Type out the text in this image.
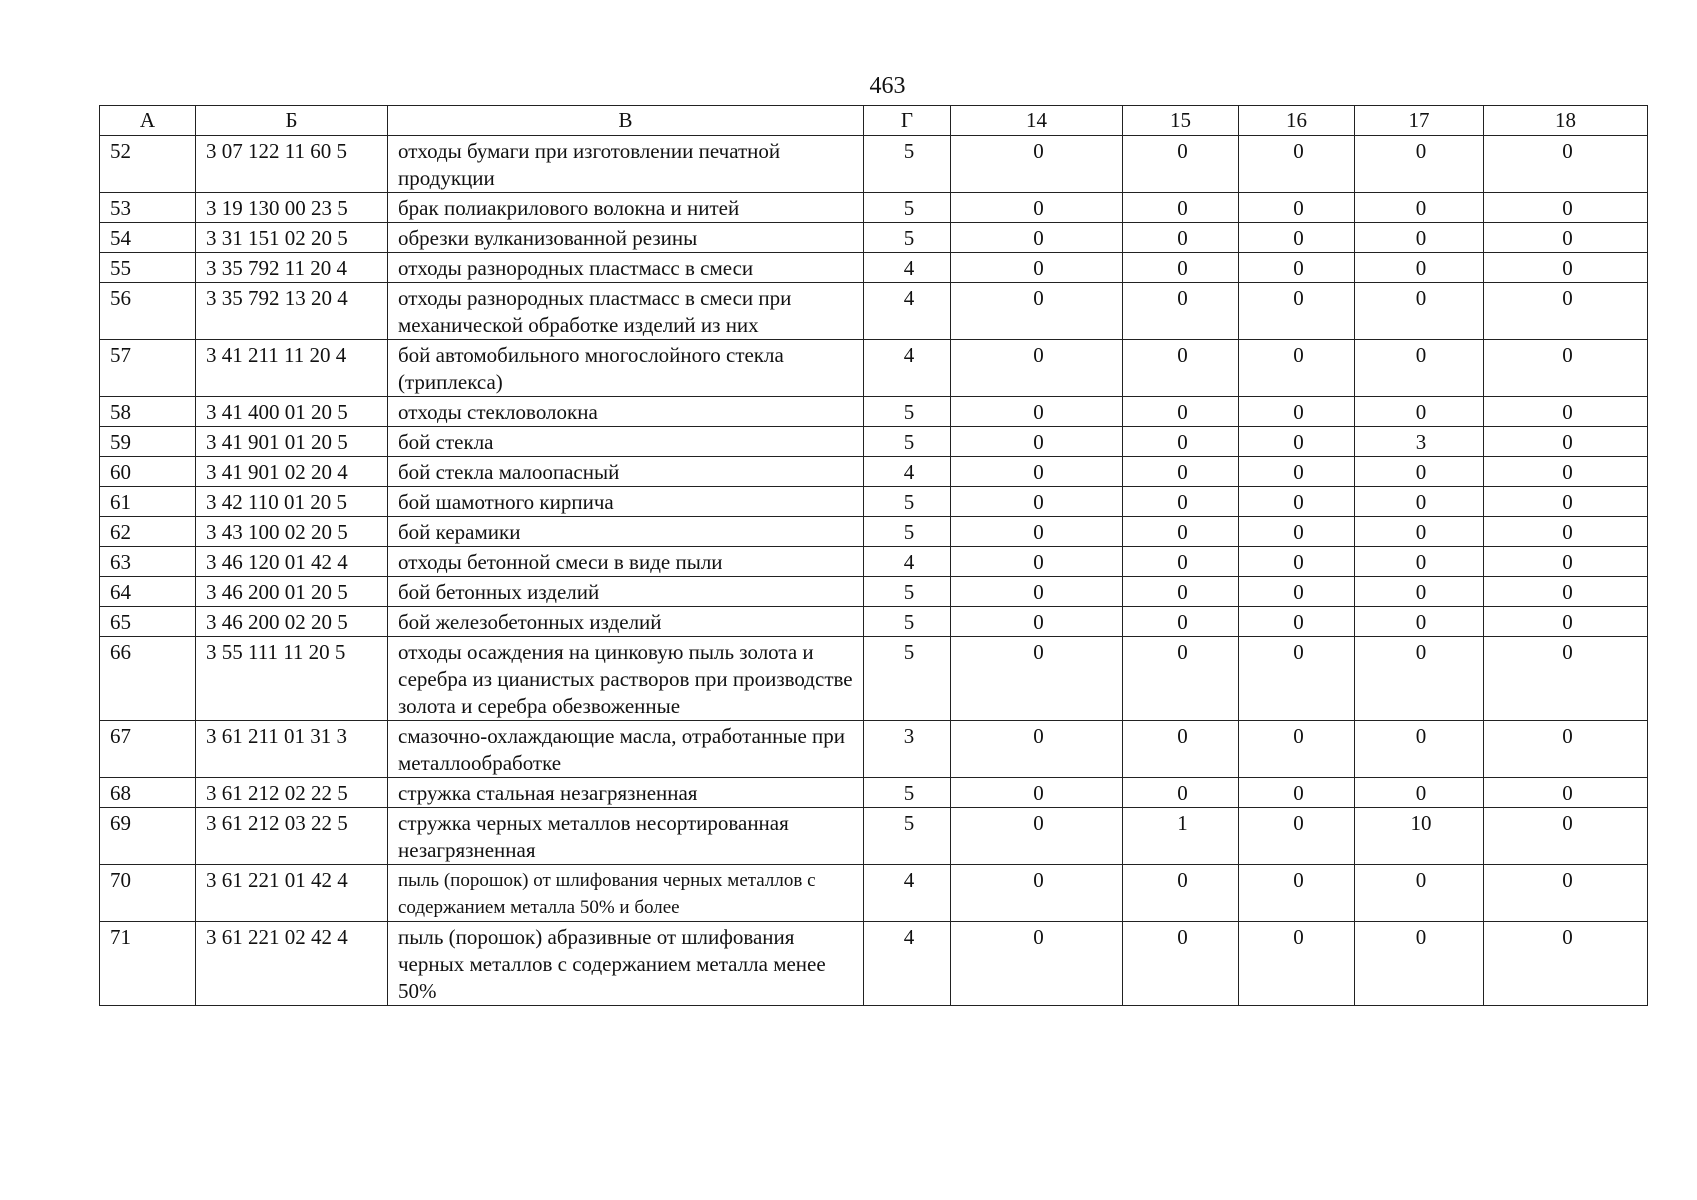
463
А	Б	В	Г	14	15	16	17	18
52	3 07 122 11 60 5	отходы бумаги при изготовлении печатной продукции	5	0	0	0	0	0
53	3 19 130 00 23 5	брак полиакрилового волокна и нитей	5	0	0	0	0	0
54	3 31 151 02 20 5	обрезки вулканизованной резины	5	0	0	0	0	0
55	3 35 792 11 20 4	отходы разнородных пластмасс в смеси	4	0	0	0	0	0
56	3 35 792 13 20 4	отходы разнородных пластмасс в смеси при механической обработке изделий из них	4	0	0	0	0	0
57	3 41 211 11 20 4	бой автомобильного многослойного стекла (триплекса)	4	0	0	0	0	0
58	3 41 400 01 20 5	отходы стекловолокна	5	0	0	0	0	0
59	3 41 901 01 20 5	бой стекла	5	0	0	0	3	0
60	3 41 901 02 20 4	бой стекла малоопасный	4	0	0	0	0	0
61	3 42 110 01 20 5	бой шамотного кирпича	5	0	0	0	0	0
62	3 43 100 02 20 5	бой керамики	5	0	0	0	0	0
63	3 46 120 01 42 4	отходы бетонной смеси в виде пыли	4	0	0	0	0	0
64	3 46 200 01 20 5	бой бетонных изделий	5	0	0	0	0	0
65	3 46 200 02 20 5	бой железобетонных изделий	5	0	0	0	0	0
66	3 55 111 11 20 5	отходы осаждения на цинковую пыль золота и серебра из цианистых растворов при производстве золота и серебра обезвоженные	5	0	0	0	0	0
67	3 61 211 01 31 3	смазочно-охлаждающие масла, отработанные при металлообработке	3	0	0	0	0	0
68	3 61 212 02 22 5	стружка стальная незагрязненная	5	0	0	0	0	0
69	3 61 212 03 22 5	стружка черных металлов несортированная незагрязненная	5	0	1	0	10	0
70	3 61 221 01 42 4	пыль (порошок) от шлифования черных металлов с содержанием металла 50% и более	4	0	0	0	0	0
71	3 61 221 02 42 4	пыль (порошок) абразивные от шлифования черных металлов с содержанием металла менее 50%	4	0	0	0	0	0
